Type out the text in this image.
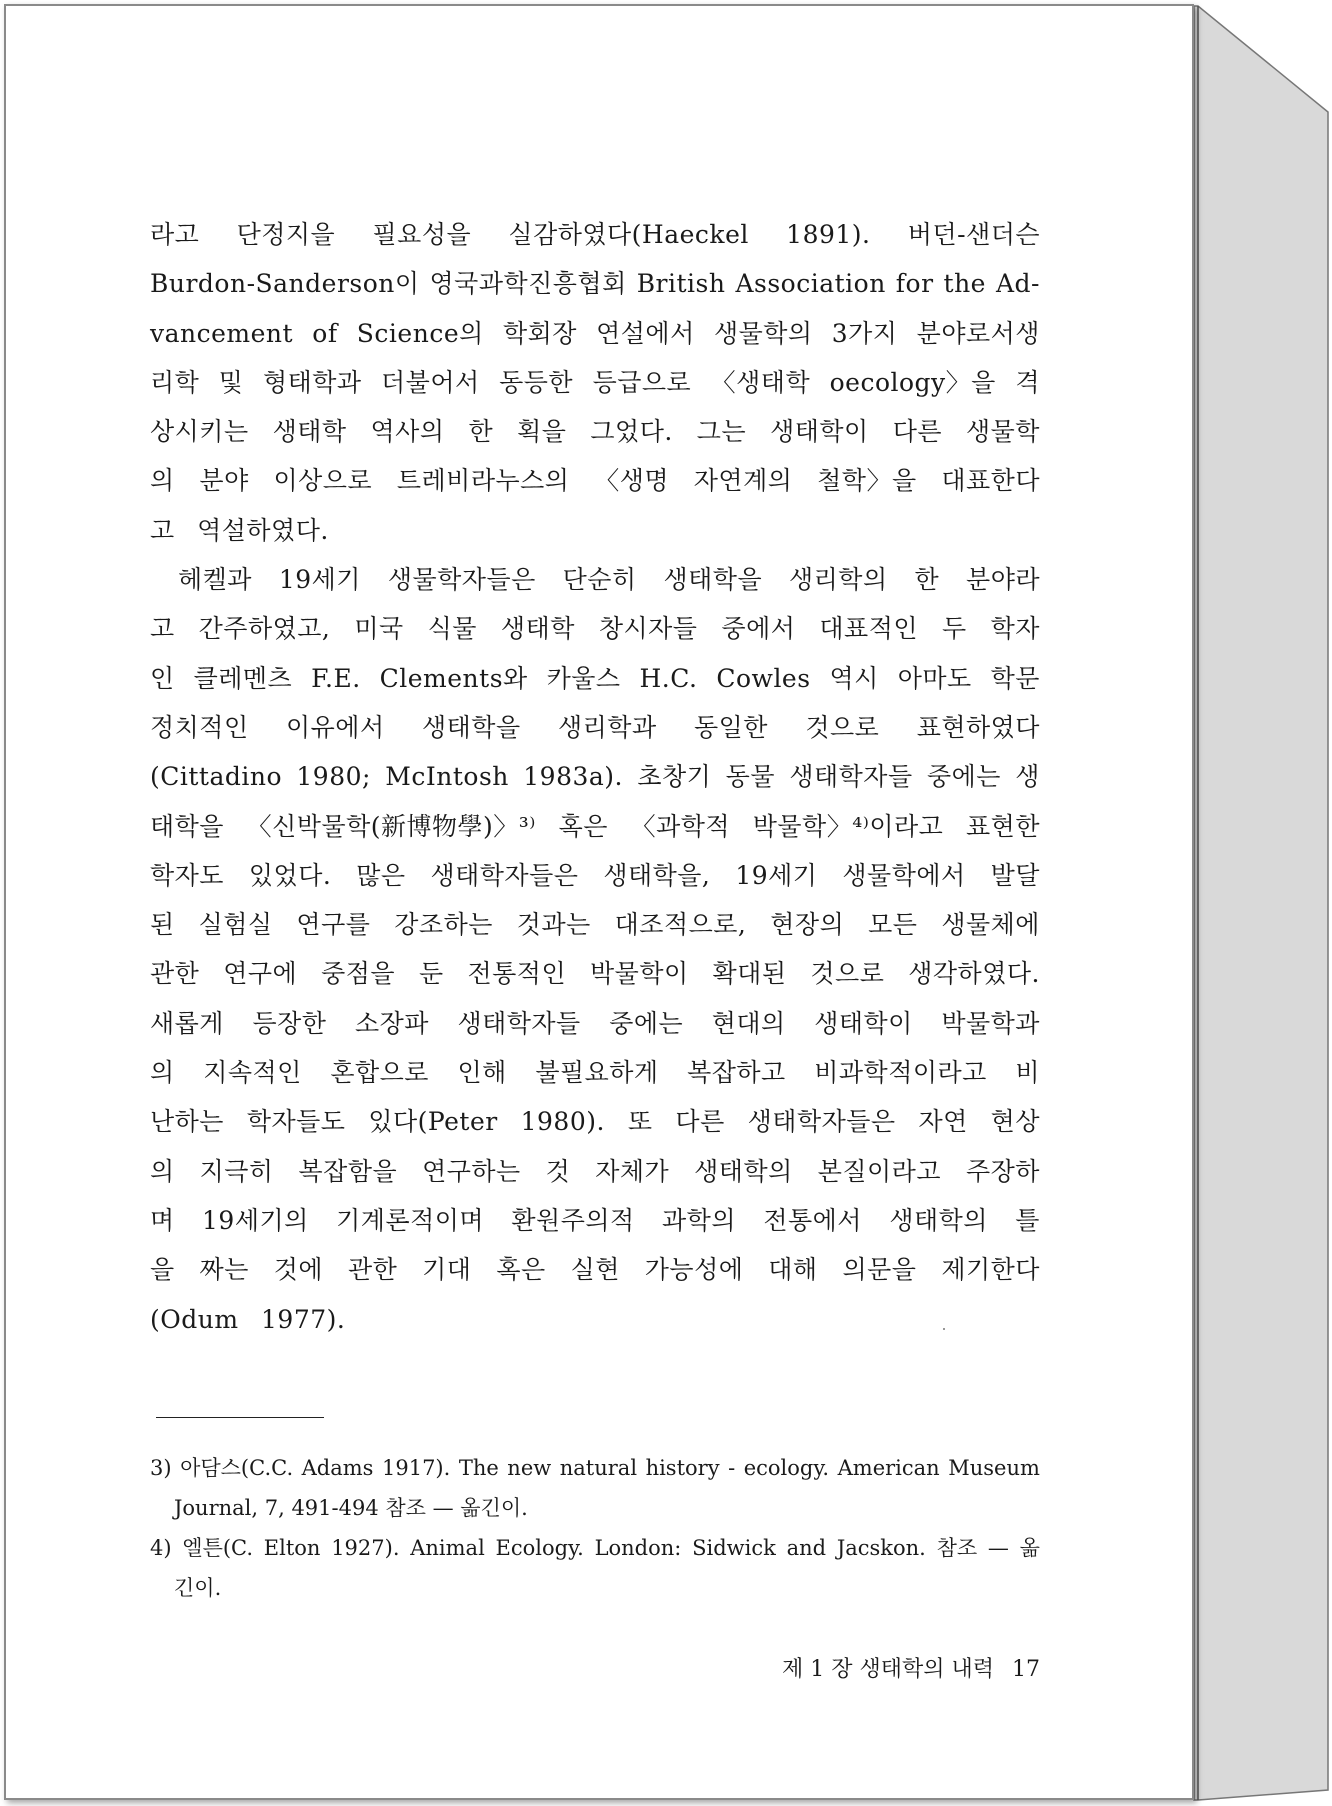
라고 단정지을 필요성을 실감하였다(Haeckel 1891). 버던-샌더슨
Burdon-Sanderson이 영국과학진흥협회 British Association for the Ad-
vancement of Science의 학회장 연설에서 생물학의 3가지 분야로서생
리학 및 형태학과 더불어서 동등한 등급으로 〈생태학 oecology〉을 격
상시키는 생태학 역사의 한 획을 그었다. 그는 생태학이 다른 생물학
의 분야 이상으로 트레비라누스의 〈생명 자연계의 철학〉을 대표한다
고 역설하였다.
헤켈과 19세기 생물학자들은 단순히 생태학을 생리학의 한 분야라
고 간주하였고, 미국 식물 생태학 창시자들 중에서 대표적인 두 학자
인 클레멘츠 F.E. Clements와 카울스 H.C. Cowles 역시 아마도 학문
정치적인 이유에서 생태학을 생리학과 동일한 것으로 표현하였다
(Cittadino 1980; McIntosh 1983a). 초창기 동물 생태학자들 중에는 생
태학을 〈신박물학(新博物學)〉³⁾ 혹은 〈과학적 박물학〉⁴⁾이라고 표현한
학자도 있었다. 많은 생태학자들은 생태학을, 19세기 생물학에서 발달
된 실험실 연구를 강조하는 것과는 대조적으로, 현장의 모든 생물체에
관한 연구에 중점을 둔 전통적인 박물학이 확대된 것으로 생각하였다.
새롭게 등장한 소장파 생태학자들 중에는 현대의 생태학이 박물학과
의 지속적인 혼합으로 인해 불필요하게 복잡하고 비과학적이라고 비
난하는 학자들도 있다(Peter 1980). 또 다른 생태학자들은 자연 현상
의 지극히 복잡함을 연구하는 것 자체가 생태학의 본질이라고 주장하
며 19세기의 기계론적이며 환원주의적 과학의 전통에서 생태학의 틀
을 짜는 것에 관한 기대 혹은 실현 가능성에 대해 의문을 제기한다
(Odum 1977).
3) 아담스(C.C. Adams 1917). The new natural history - ecology. American Museum
Journal, 7, 491-494 참조 — 옮긴이.
4) 엘튼(C. Elton 1927). Animal Ecology. London: Sidwick and Jacskon. 참조 — 옮
긴이.
제 1 장 생태학의 내력 17
